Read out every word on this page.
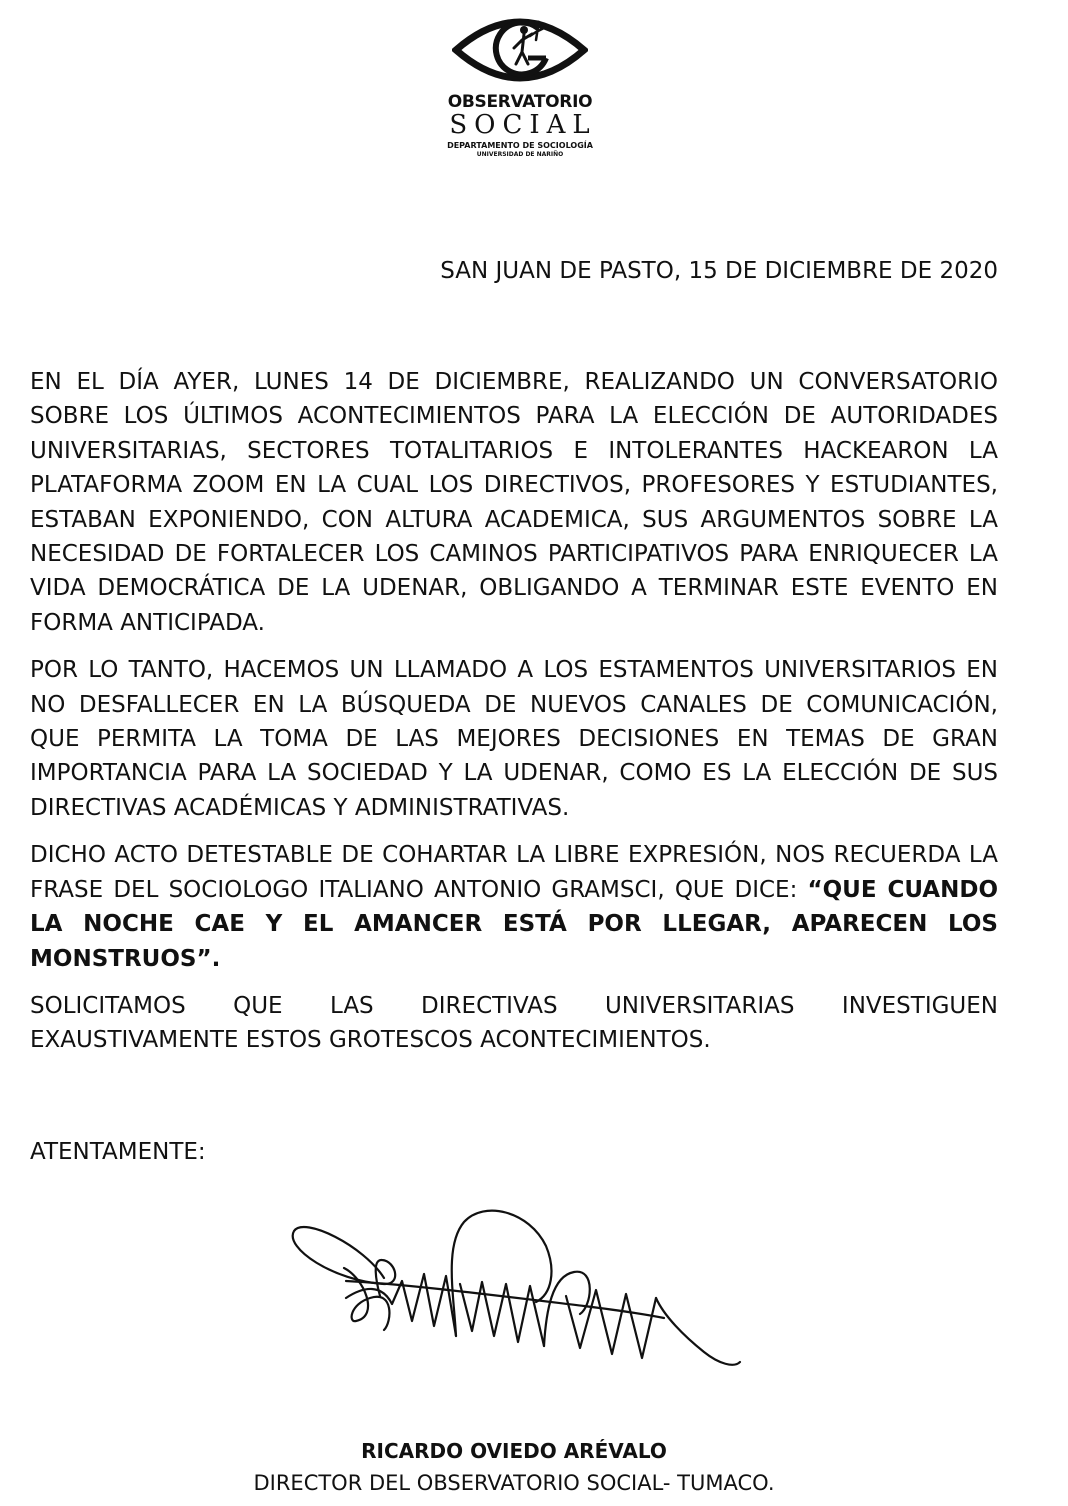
OBSERVATORIO
SOCIAL
DEPARTAMENTO DE SOCIOLOGÍA
UNIVERSIDAD DE NARIÑO
SAN JUAN DE PASTO, 15 DE DICIEMBRE DE 2020

EN EL DÍA AYER, LUNES 14 DE DICIEMBRE, REALIZANDO UN CONVERSATORIO SOBRE LOS ÚLTIMOS ACONTECIMIENTOS PARA LA ELECCIÓN DE AUTORIDADES UNIVERSITARIAS, SECTORES TOTALITARIOS E INTOLERANTES HACKEARON LA PLATAFORMA ZOOM EN LA CUAL LOS DIRECTIVOS, PROFESORES Y ESTUDIANTES, ESTABAN EXPONIENDO, CON ALTURA ACADEMICA, SUS ARGUMENTOS SOBRE LA NECESIDAD DE FORTALECER LOS CAMINOS PARTICIPATIVOS PARA ENRIQUECER LA VIDA DEMOCRÁTICA DE LA UDENAR, OBLIGANDO A TERMINAR ESTE EVENTO EN FORMA ANTICIPADA.

POR LO TANTO, HACEMOS UN LLAMADO A LOS ESTAMENTOS UNIVERSITARIOS EN NO DESFALLECER EN LA BÚSQUEDA DE NUEVOS CANALES DE COMUNICACIÓN, QUE PERMITA LA TOMA DE LAS MEJORES DECISIONES EN TEMAS DE GRAN IMPORTANCIA PARA LA SOCIEDAD Y LA UDENAR, COMO ES LA ELECCIÓN DE SUS DIRECTIVAS ACADÉMICAS Y ADMINISTRATIVAS.

DICHO ACTO DETESTABLE DE COHARTAR LA LIBRE EXPRESIÓN, NOS RECUERDA LA FRASE DEL SOCIOLOGO ITALIANO ANTONIO GRAMSCI, QUE DICE: “QUE CUANDO LA NOCHE CAE Y EL AMANCER ESTÁ POR LLEGAR, APARECEN LOS MONSTRUOS”.

SOLICITAMOS QUE LAS DIRECTIVAS UNIVERSITARIAS INVESTIGUEN EXAUSTIVAMENTE ESTOS GROTESCOS ACONTECIMIENTOS.

ATENTAMENTE:
RICARDO OVIEDO ARÉVALO
DIRECTOR DEL OBSERVATORIO SOCIAL- TUMACO.
